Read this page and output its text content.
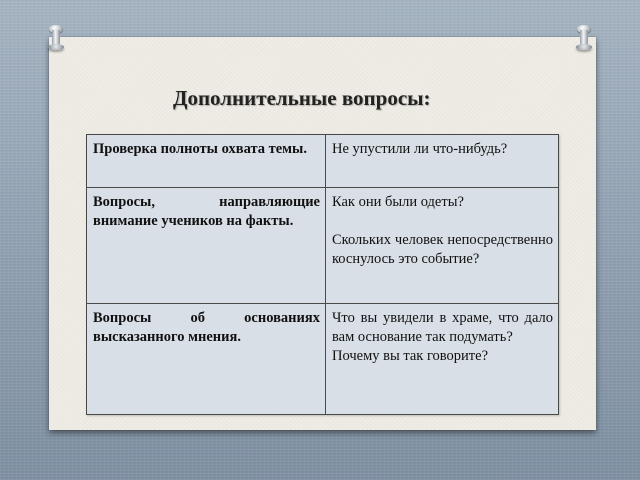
Дополнительные вопросы:
Проверка полноты охвата темы.	Не упустили ли что-нибудь?

Вопросы, направляющие внимание учеников на факты.	Как они были одеты?

Скольких человек непосредственно коснулось это событие?

Вопросы об основаниях высказанного мнения.	Что вы увидели в храме, что дало вам основание так подумать?

Почему вы так говорите?
